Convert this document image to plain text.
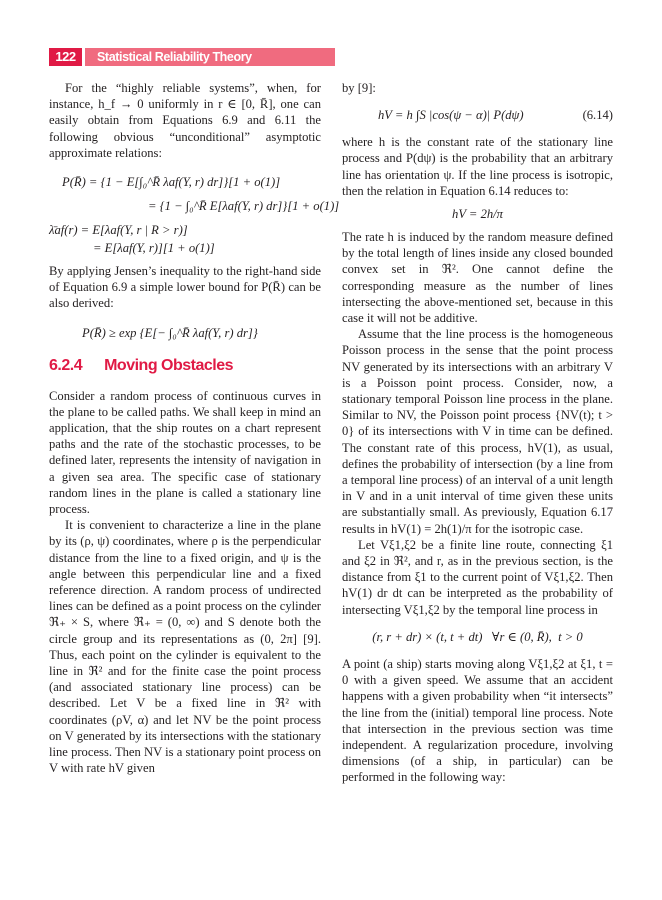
122	Statistical Reliability Theory

For the “highly reliable systems”, when, for instance, h_f → 0 uniformly in r ∈ [0, R̄], one can easily obtain from Equations 6.9 and 6.11 the following obvious “unconditional” asymptotic approximate relations:

P(R̄) = {1 − E[∫₀^R̄ λaf(Y, r) dr]}[1 + o(1)]
= {1 − ∫₀^R̄ E[λaf(Y, r) dr]}[1 + o(1)]
λ̄af(r) = E[λaf(Y, r | R > r)]
= E[λaf(Y, r)][1 + o(1)]

By applying Jensen’s inequality to the right-hand side of Equation 6.9 a simple lower bound for P(R̄) can be also derived:

P(R̄) ≥ exp {E[− ∫₀^R̄ λaf(Y, r) dr]}
6.2.4 Moving Obstacles

Consider a random process of continuous curves in the plane to be called paths. We shall keep in mind an application, that the ship routes on a chart represent paths and the rate of the stochastic processes, to be defined later, represents the intensity of navigation in a given sea area. The specific case of stationary random lines in the plane is called a stationary line process.

It is convenient to characterize a line in the plane by its (ρ, ψ) coordinates, where ρ is the perpendicular distance from the line to a fixed origin, and ψ is the angle between this perpendicular line and a fixed reference direction. A random process of undirected lines can be defined as a point process on the cylinder ℜ₊ × S, where ℜ₊ = (0, ∞) and S denote both the circle group and its representations as (0, 2π] [9]. Thus, each point on the cylinder is equivalent to the line in ℜ² and for the finite case the point process (and associated stationary line process) can be described. Let V be a fixed line in ℜ² with coordinates (ρV, α) and let NV be the point process on V generated by its intersections with the stationary line process. Then NV is a stationary point process on V with rate hV given

by [9]:

hV = h ∫S |cos(ψ − α)| P(dψ)	(6.14)

where h is the constant rate of the stationary line process and P(dψ) is the probability that an arbitrary line has orientation ψ. If the line process is isotropic, then the relation in Equation 6.14 reduces to:

hV = 2h/π

The rate h is induced by the random measure defined by the total length of lines inside any closed bounded convex set in ℜ². One cannot define the corresponding measure as the number of lines intersecting the above-mentioned set, because in this case it will not be additive.

Assume that the line process is the homogeneous Poisson process in the sense that the point process NV generated by its intersections with an arbitrary V is a Poisson point process. Consider, now, a stationary temporal Poisson line process in the plane. Similar to NV, the Poisson point process {NV(t); t > 0} of its intersections with V in time can be defined. The constant rate of this process, hV(1), as usual, defines the probability of intersection (by a line from a temporal line process) of an interval of a unit length in V and in a unit interval of time given these units are substantially small. As previously, Equation 6.17 results in hV(1) = 2h(1)/π for the isotropic case.

Let Vξ1,ξ2 be a finite line route, connecting ξ1 and ξ2 in ℜ², and r, as in the previous section, is the distance from ξ1 to the current point of Vξ1,ξ2. Then hV(1) dr dt can be interpreted as the probability of intersecting Vξ1,ξ2 by the temporal line process in

(r, r + dr) × (t, t + dt)   ∀r ∈ (0, R̄),  t > 0

A point (a ship) starts moving along Vξ1,ξ2 at ξ1, t = 0 with a given speed. We assume that an accident happens with a given probability when “it intersects” the line from the (initial) temporal line process. Note that intersection in the previous section was time independent. A regularization procedure, involving dimensions (of a ship, in particular) can be performed in the following way:
